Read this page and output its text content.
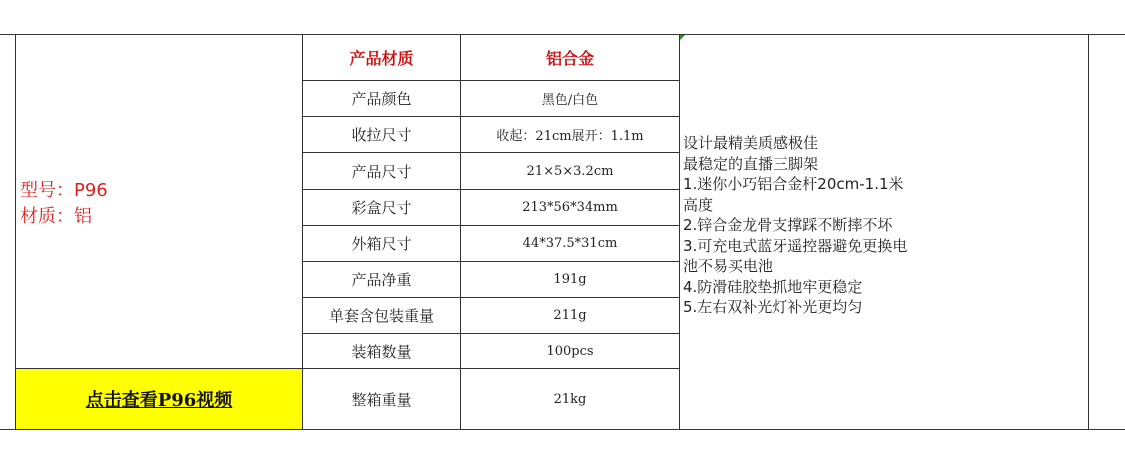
型号：P96
材质：铝
点击查看P96视频
产品材质	铝合金
产品颜色	黑色/白色
收拉尺寸	收起：21cm展开：1.1m
产品尺寸	21×5×3.2cm
彩盒尺寸	213*56*34mm
外箱尺寸	44*37.5*31cm
产品净重	191g
单套含包装重量	211g
装箱数量	100pcs
整箱重量	21kg
设计最精美质感极佳
最稳定的直播三脚架
1.迷你小巧铝合金杆20cm-1.1米
高度
2.锌合金龙骨支撑踩不断摔不坏
3.可充电式蓝牙遥控器避免更换电
池不易买电池
4.防滑硅胶垫抓地牢更稳定
5.左右双补光灯补光更均匀
